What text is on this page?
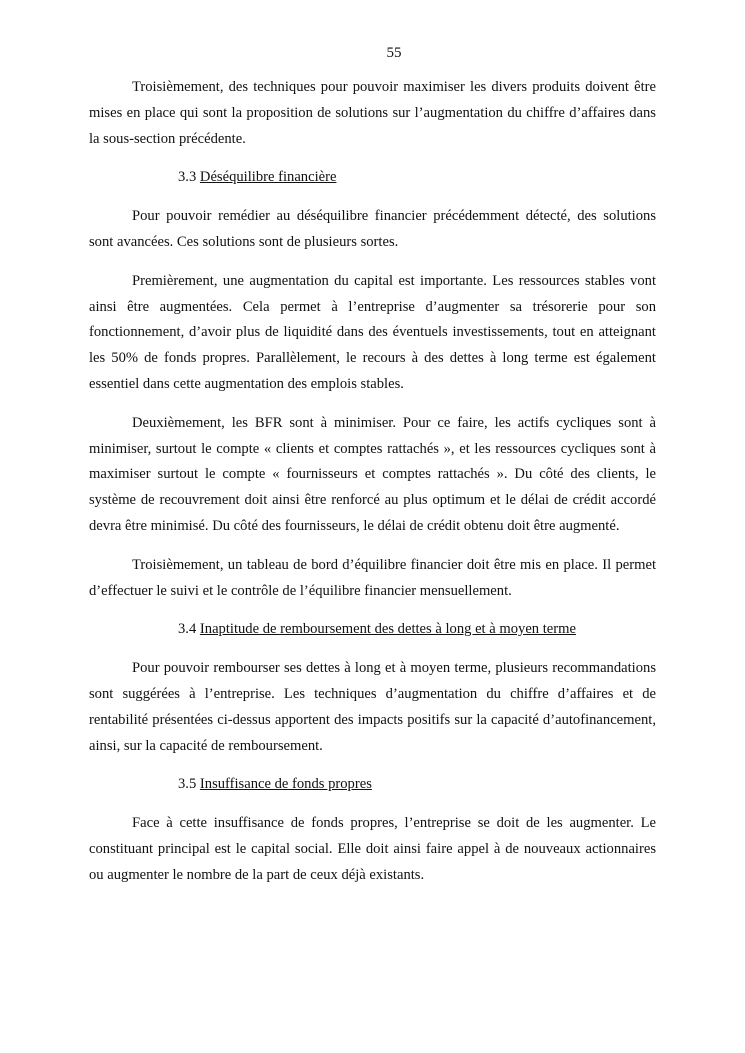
55

Troisièmement, des techniques pour pouvoir maximiser les divers produits doivent être mises en place qui sont la proposition de solutions sur l’augmentation du chiffre d’affaires dans la sous-section précédente.

3.3 Déséquilibre financière

Pour pouvoir remédier au déséquilibre financier précédemment détecté, des solutions sont avancées. Ces solutions sont de plusieurs sortes.

Premièrement, une augmentation du capital est importante. Les ressources stables vont ainsi être augmentées. Cela permet à l’entreprise d’augmenter sa trésorerie pour son fonctionnement, d’avoir plus de liquidité dans des éventuels investissements, tout en atteignant les 50% de fonds propres. Parallèlement, le recours à des dettes à long terme est également essentiel dans cette augmentation des emplois stables.

Deuxièmement, les BFR sont à minimiser. Pour ce faire, les actifs cycliques sont à minimiser, surtout le compte « clients et comptes rattachés », et les ressources cycliques sont à maximiser surtout le compte « fournisseurs et comptes rattachés ». Du côté des clients, le système de recouvrement doit ainsi être renforcé au plus optimum et le délai de crédit accordé devra être minimisé. Du côté des fournisseurs, le délai de crédit obtenu doit être augmenté.

Troisièmement, un tableau de bord d’équilibre financier doit être mis en place. Il permet d’effectuer le suivi et le contrôle de l’équilibre financier mensuellement.

3.4 Inaptitude de remboursement des dettes à long et à moyen terme

Pour pouvoir rembourser ses dettes à long et à moyen terme, plusieurs recommandations sont suggérées à l’entreprise. Les techniques d’augmentation du chiffre d’affaires et de rentabilité présentées ci-dessus apportent des impacts positifs sur la capacité d’autofinancement, ainsi, sur la capacité de remboursement.

3.5 Insuffisance de fonds propres

Face à cette insuffisance de fonds propres, l’entreprise se doit de les augmenter. Le constituant principal est le capital social. Elle doit ainsi faire appel à de nouveaux actionnaires ou augmenter le nombre de la part de ceux déjà existants.
